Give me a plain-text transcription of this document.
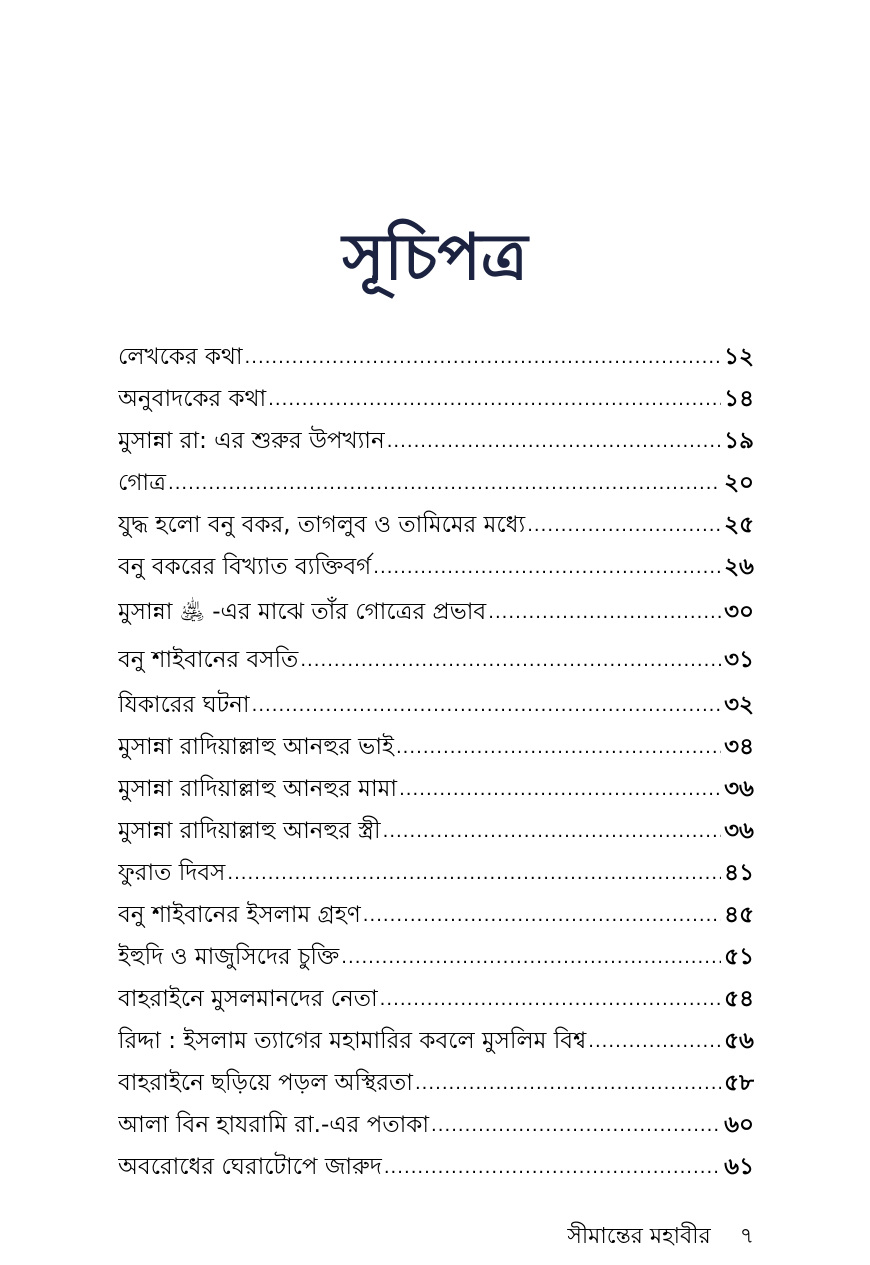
সূচিপত্র
লেখকের কথা .....	১২
অনুবাদকের কথা .....	১৪
মুসান্না রা: এর শুরুর উপখ্যান .....	১৯
গোত্র .....	২০
যুদ্ধ হলো বনু বকর, তাগলুব ও তামিমের মধ্যে .....	২৫
বনু বকরের বিখ্যাত ব্যক্তিবর্গ .....	২৬
মুসান্না ﵁ -এর মাঝে তাঁর গোত্রের প্রভাব .....	৩০
বনু শাইবানের বসতি .....	৩১
যিকারের ঘটনা .....	৩২
মুসান্না রাদিয়াল্লাহু আনহুর ভাই .....	৩৪
মুসান্না রাদিয়াল্লাহু আনহুর মামা .....	৩৬
মুসান্না রাদিয়াল্লাহু আনহুর স্ত্রী .....	৩৬
ফুরাত দিবস .....	৪১
বনু শাইবানের ইসলাম গ্রহণ .....	৪৫
ইহুদি ও মাজুসিদের চুক্তি .....	৫১
বাহরাইনে মুসলমানদের নেতা .....	৫৪
রিদ্দা : ইসলাম ত্যাগের মহামারির কবলে মুসলিম বিশ্ব .....	৫৬
বাহরাইনে ছড়িয়ে পড়ল অস্থিরতা .....	৫৮
আলা বিন হাযরামি রা.-এর পতাকা .....	৬০
অবরোধের ঘেরাটোপে জারুদ .....	৬১
সীমান্তের মহাবীর ৭
